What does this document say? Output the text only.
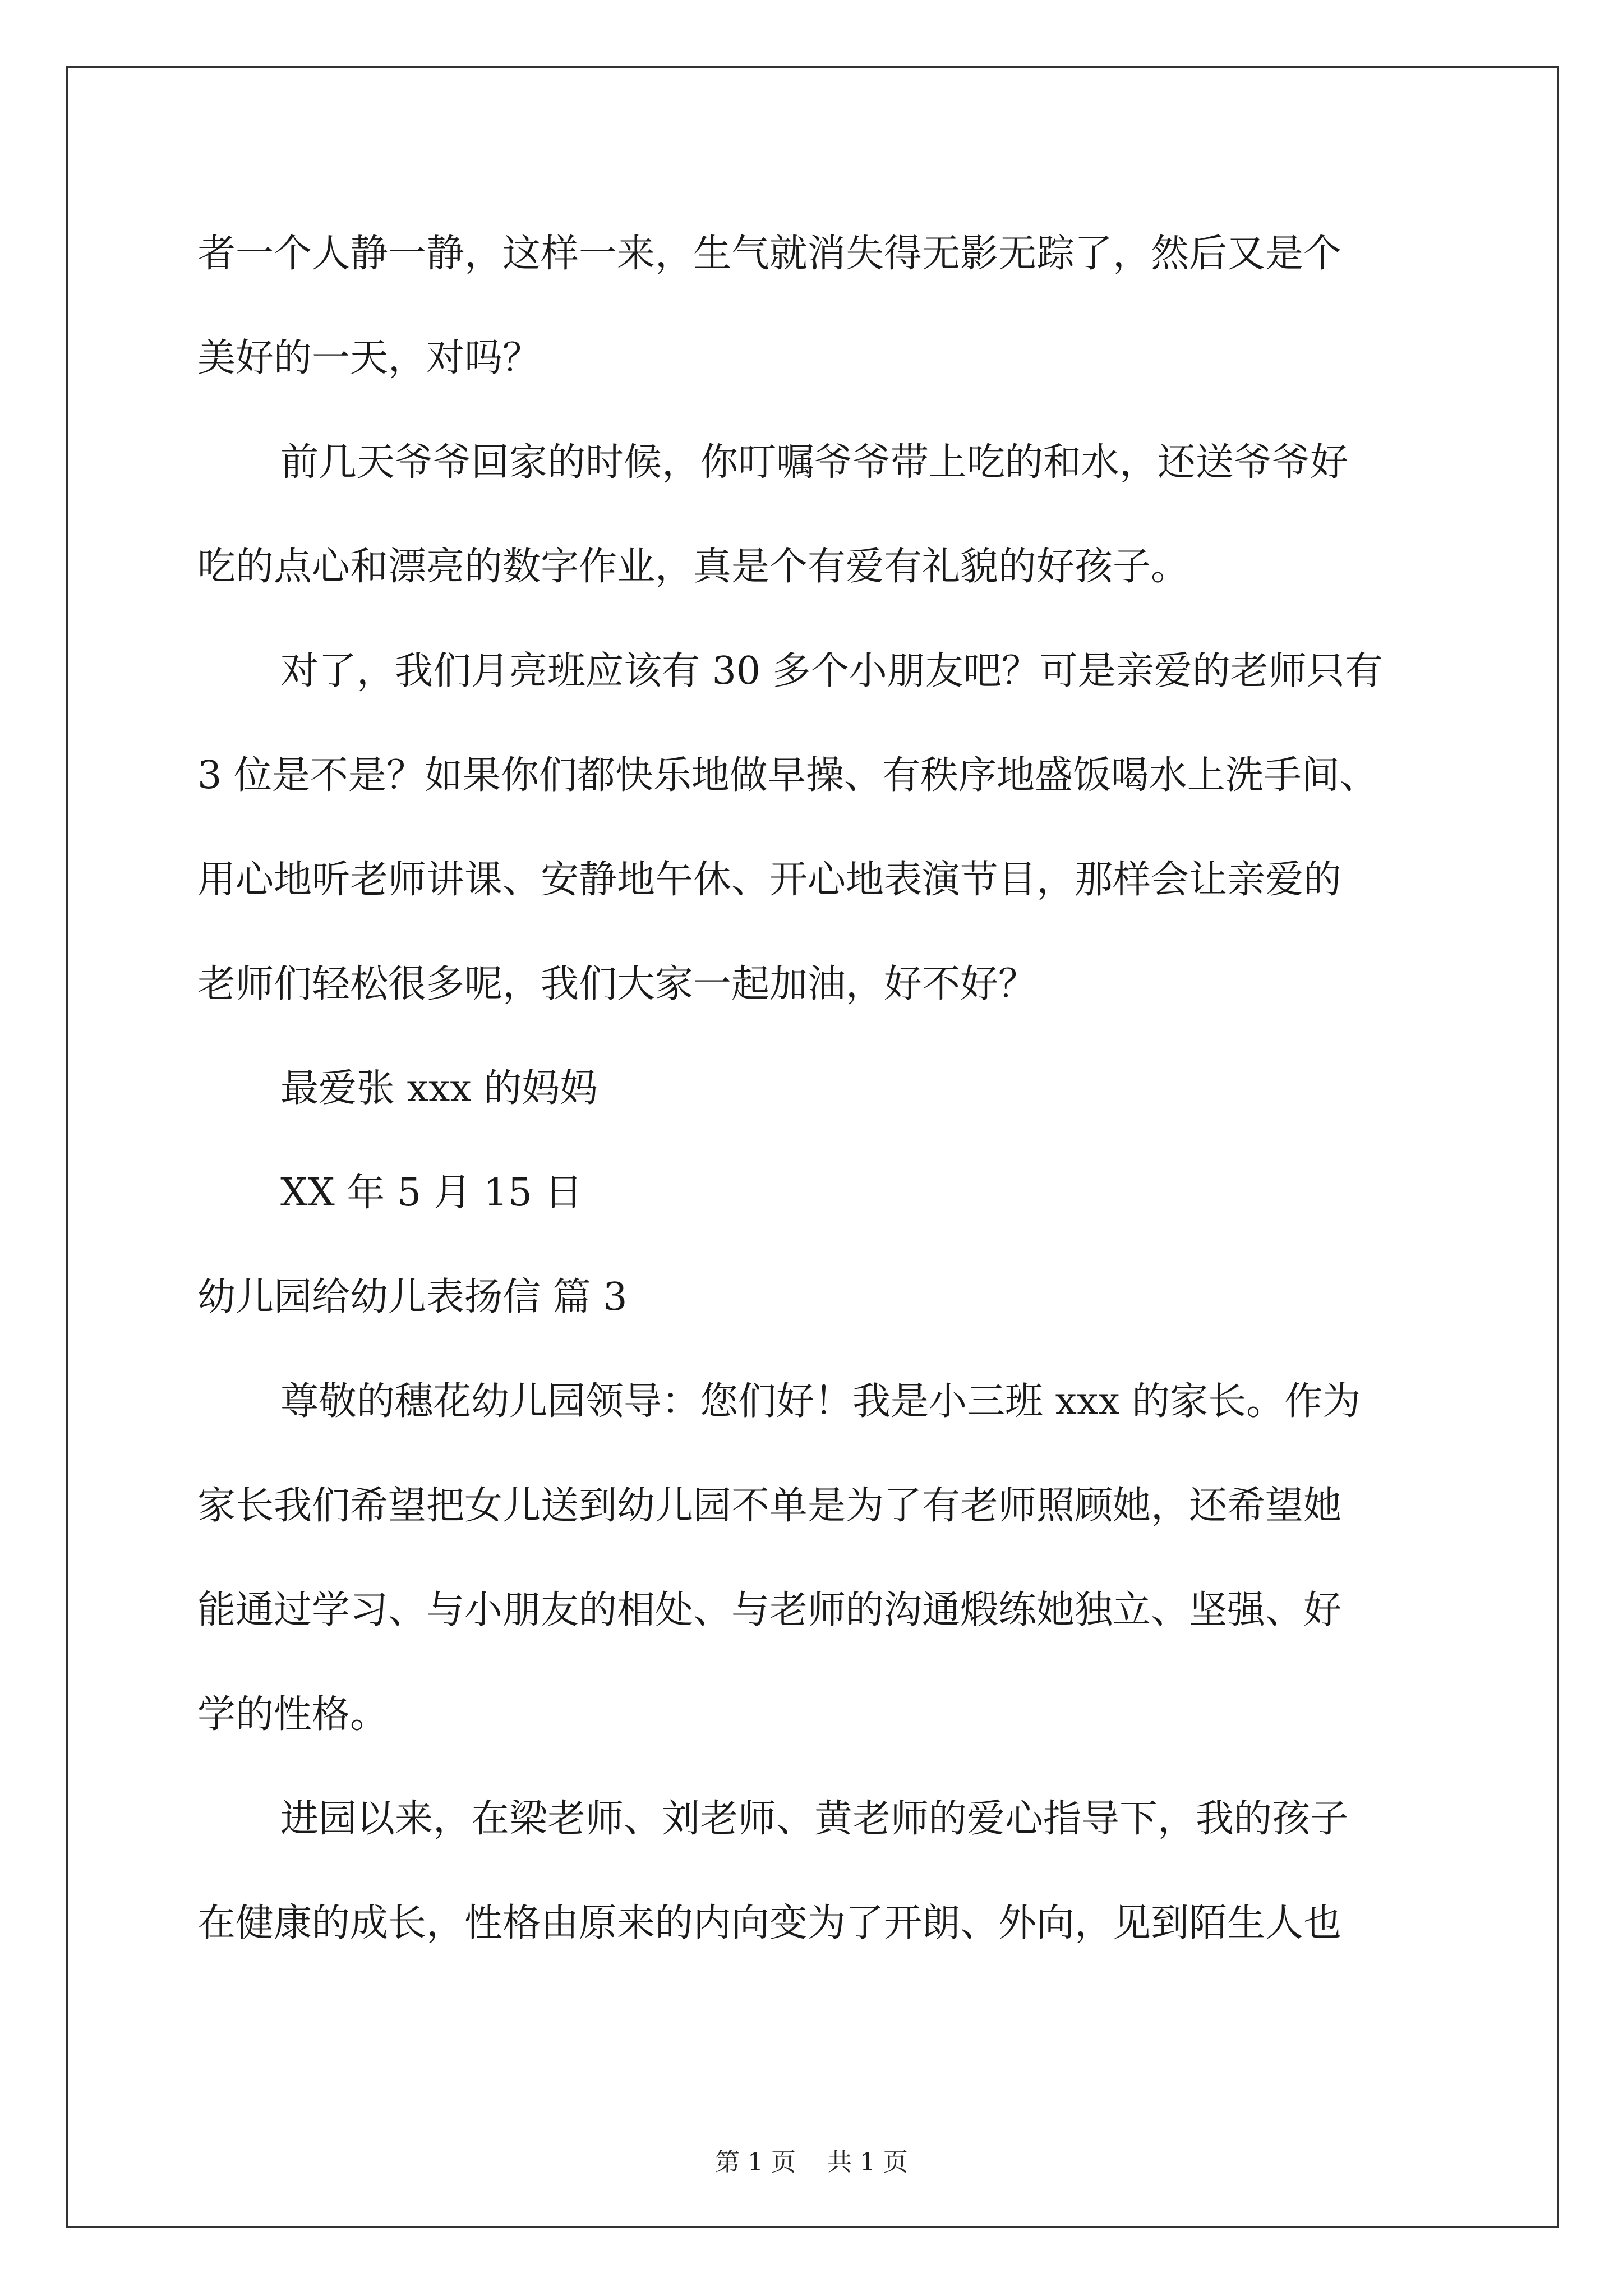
者一个人静一静，这样一来，生气就消失得无影无踪了，然后又是个
美好的一天，对吗？
前几天爷爷回家的时候，你叮嘱爷爷带上吃的和水，还送爷爷好
吃的点心和漂亮的数字作业，真是个有爱有礼貌的好孩子。
对了，我们月亮班应该有 30 多个小朋友吧？可是亲爱的老师只有
3 位是不是？如果你们都快乐地做早操、有秩序地盛饭喝水上洗手间、
用心地听老师讲课、安静地午休、开心地表演节目，那样会让亲爱的
老师们轻松很多呢，我们大家一起加油，好不好？
最爱张 xxx 的妈妈
XX 年 5 月 15 日
幼儿园给幼儿表扬信 篇 3
尊敬的穗花幼儿园领导：您们好！我是小三班 xxx 的家长。作为
家长我们希望把女儿送到幼儿园不单是为了有老师照顾她，还希望她
能通过学习、与小朋友的相处、与老师的沟通煅练她独立、坚强、好
学的性格。
进园以来，在梁老师、刘老师、黄老师的爱心指导下，我的孩子
在健康的成长，性格由原来的内向变为了开朗、外向，见到陌生人也
第 1 页    共 1 页
